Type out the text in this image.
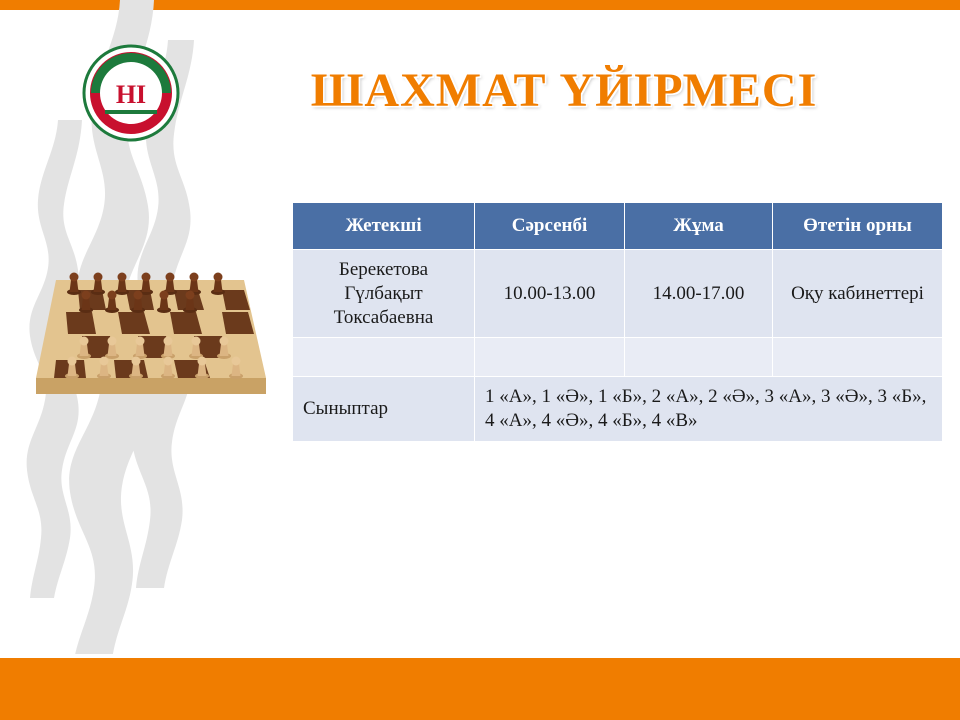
НІ	ШАХМАТ ҮЙІРМЕСІ
Жетекші	Сәрсенбі	Жұма	Өтетін орны
Берекетова Гүлбақыт Токсабаевна	10.00-13.00	14.00-17.00	Оқу кабинеттері

Сыныптар	1 «А», 1 «Ә», 1 «Б», 2 «А», 2 «Ә», 3 «А», 3 «Ә», 3 «Б», 4 «А», 4 «Ә», 4 «Б», 4 «В»		
